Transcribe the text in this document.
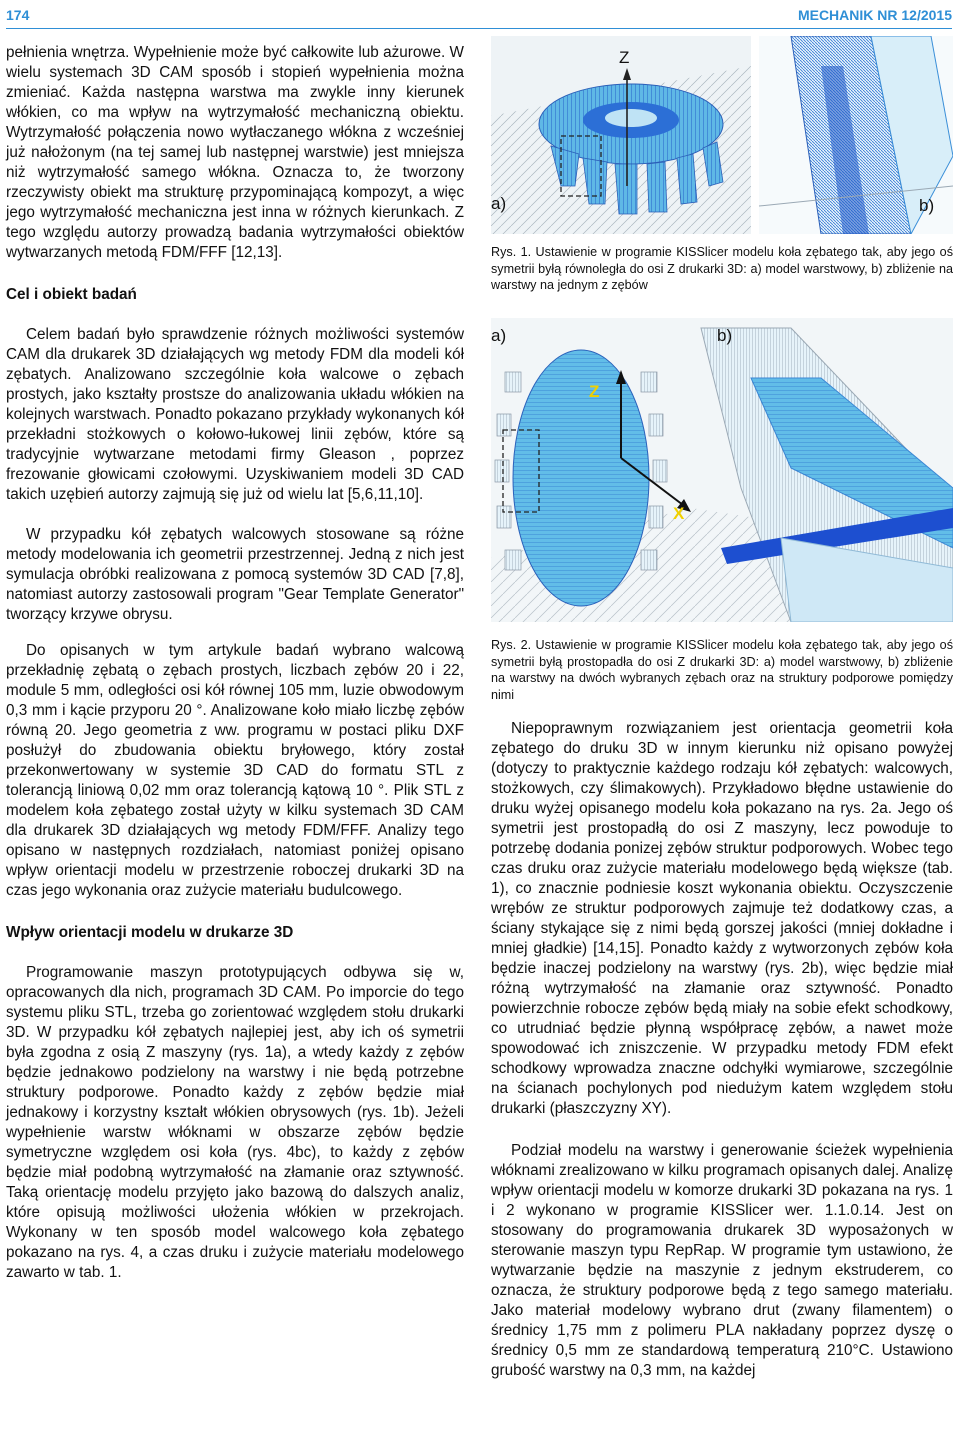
174	MECHANIK NR 12/2015

pełnienia wnętrza. Wypełnienie może być całkowite lub ażurowe. W wielu systemach 3D CAM sposób i stopień wypełnienia można zmieniać. Każda następna warstwa ma zwykle inny kierunek włókien, co ma wpływ na wytrzymałość mechaniczną obiektu. Wytrzymałość połączenia nowo wytłaczanego włókna z wcześniej już nałożonym (na tej samej lub następnej warstwie) jest mniejsza niż wytrzymałość samego włókna. Oznacza to, że tworzony rzeczywisty obiekt ma strukturę przypominającą kompozyt, a więc jego wytrzymałość mechaniczna jest inna w różnych kierunkach. Z tego względu autorzy prowadzą badania wytrzymałości obiektów wytwarzanych metodą FDM/FFF [12,13].

Cel i obiekt badań

Celem badań było sprawdzenie różnych możliwości systemów CAM dla drukarek 3D działających wg metody FDM dla modeli kół zębatych. Analizowano szczególnie koła walcowe o zębach prostych, jako kształty prostsze do analizowania układu włókien na kolejnych warstwach. Ponadto pokazano przykłady wykonanych kół przekładni stożkowych o kołowo-łukowej linii zębów, które są tradycyjnie wytwarzane metodami firmy Gleason , poprzez frezowanie głowicami czołowymi. Uzyskiwaniem modeli 3D CAD takich uzębień autorzy zajmują się już od wielu lat [5,6,11,10].

W przypadku kół zębatych walcowych stosowane są różne metody modelowania ich geometrii przestrzennej. Jedną z nich jest symulacja obróbki realizowana z pomocą systemów 3D CAD [7,8], natomiast autorzy zastosowali program "Gear Template Generator" tworzący krzywe obrysu.

Do opisanych w tym artykule badań wybrano walcową przekładnię zębatą o zębach prostych, liczbach zębów 20 i 22, module 5 mm, odległości osi kół równej 105 mm, luzie obwodowym 0,3 mm i kącie przyporu 20 °. Analizowane koło miało liczbę zębów równą 20. Jego geometria z ww. programu w postaci pliku DXF posłużył do zbudowania obiektu bryłowego, który został przekonwertowany w systemie 3D CAD do formatu STL z tolerancją liniową 0,02 mm oraz tolerancją kątową 10 °. Plik STL z modelem koła zębatego został użyty w kilku systemach 3D CAM dla drukarek 3D działających wg metody FDM/FFF. Analizy tego opisano w następnych rozdziałach, natomiast poniżej opisano wpływ orientacji modelu w przestrzenie roboczej drukarki 3D na czas jego wykonania oraz zużycie materiału budulcowego.

Wpływ orientacji modelu w drukarze 3D

Programowanie maszyn prototypujących odbywa się w, opracowanych dla nich, programach 3D CAM. Po imporcie do tego systemu pliku STL, trzeba go zorientować względem stołu drukarki 3D. W przypadku kół zębatych najlepiej jest, aby ich oś symetrii była zgodna z osią Z maszyny (rys. 1a), a wtedy każdy z zębów będzie jednakowo podzielony na warstwy i nie będą potrzebne struktury podporowe. Ponadto każdy z zębów będzie miał jednakowy i korzystny kształt włókien obrysowych (rys. 1b). Jeżeli wypełnienie warstw włóknami w obszarze zębów będzie symetryczne względem osi koła (rys. 4bc), to każdy z zębów będzie miał podobną wytrzymałość na złamanie oraz sztywność. Taką orientację modelu przyjęto jako bazową do dalszych analiz, które opisują możliwości ułożenia włókien w przekrojach. Wykonany w ten sposób model walcowego koła zębatego pokazano na rys. 4, a czas druku i zużycie materiału modelowego zawarto w tab. 1.

a)	b)
Z
Rys. 1. Ustawienie w programie KISSlicer modelu koła zębatego tak, aby jego oś symetrii byłą równoległa do osi Z drukarki 3D: a) model warstwowy, b) zbliżenie na warstwy na jednym z zębów
a)	b)
Z
X
Rys. 2. Ustawienie w programie KISSlicer modelu koła zębatego tak, aby jego oś symetrii byłą prostopadła do osi Z drukarki 3D: a) model warstwowy, b) zbliżenie na warstwy na dwóch wybranych zębach oraz na struktury podporowe pomiędzy nimi

Niepoprawnym rozwiązaniem jest orientacja geometrii koła zębatego do druku 3D w innym kierunku niż opisano powyżej (dotyczy to praktycznie każdego rodzaju kół zębatych: walcowych, stożkowych, czy ślimakowych). Przykładowo błędne ustawienie do druku wyżej opisanego modelu koła pokazano na rys. 2a. Jego oś symetrii jest prostopadłą do osi Z maszyny, lecz powoduje to potrzebę dodania ponizej zębów struktur podporowych. Wobec tego czas druku oraz zużycie materiału modelowego będą większe (tab. 1), co znacznie podniesie koszt wykonania obiektu. Oczyszczenie wrębów ze struktur podporowych zajmuje też dodatkowy czas, a ściany stykające się z nimi będą gorszej jakości (mniej dokładne i mniej gładkie) [14,15]. Ponadto każdy z wytworzonych zębów koła będzie inaczej podzielony na warstwy (rys. 2b), więc będzie miał różną wytrzymałość na złamanie oraz sztywność. Ponadto powierzchnie robocze zębów będą miały na sobie efekt schodkowy, co utrudniać będzie płynną współpracę zębów, a nawet może spowodować ich zniszczenie. W przypadku metody FDM efekt schodkowy wprowadza znaczne odchyłki wymiarowe, szczególnie na ścianach pochylonych pod niedużym katem względem stołu drukarki (płaszczyzny XY).

Podział modelu na warstwy i generowanie ścieżek wypełnienia włóknami zrealizowano w kilku programach opisanych dalej. Analizę wpływ orientacji modelu w komorze drukarki 3D pokazana na rys. 1 i 2 wykonano w programie KISSlicer wer. 1.1.0.14. Jest on stosowany do programowania drukarek 3D wyposażonych w sterowanie maszyn typu RepRap. W programie tym ustawiono, że wytwarzanie będzie na maszynie z jednym ekstruderem, co oznacza, że struktury podporowe będą z tego samego materiału. Jako materiał modelowy wybrano drut (zwany filamentem) o średnicy 1,75 mm z polimeru PLA nakładany poprzez dyszę o średnicy 0,5 mm ze standardową temperaturą 210°C. Ustawiono grubość warstwy na 0,3 mm, na każdej
